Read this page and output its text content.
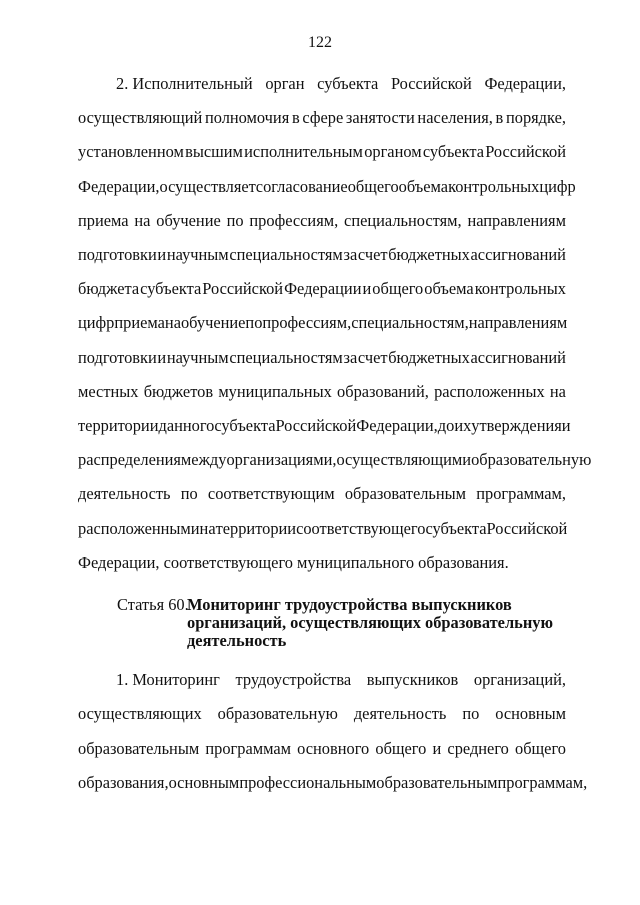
122
2. Исполнительный орган субъекта Российской Федерации,
осуществляющий полномочия в сфере занятости населения, в порядке,
установленном высшим исполнительным органом субъекта Российской
Федерации, осуществляет согласование общего объема контрольных цифр
приема на обучение по профессиям, специальностям, направлениям
подготовки и научным специальностям за счет бюджетных ассигнований
бюджета субъекта Российской Федерации и общего объема контрольных
цифр приема на обучение по профессиям, специальностям, направлениям
подготовки и научным специальностям за счет бюджетных ассигнований
местных бюджетов муниципальных образований, расположенных на
территории данного субъекта Российской Федерации, до их утверждения и
распределения между организациями, осуществляющими образовательную
деятельность по соответствующим образовательным программам,
расположенными на территории соответствующего субъекта Российской
Федерации, соответствующего муниципального образования.
Статья 60.
Мониторинг трудоустройства выпускников
организаций, осуществляющих образовательную
деятельность
1. Мониторинг трудоустройства выпускников организаций,
осуществляющих образовательную деятельность по основным
образовательным программам основного общего и среднего общего
образования, основным профессиональным образовательным программам,
